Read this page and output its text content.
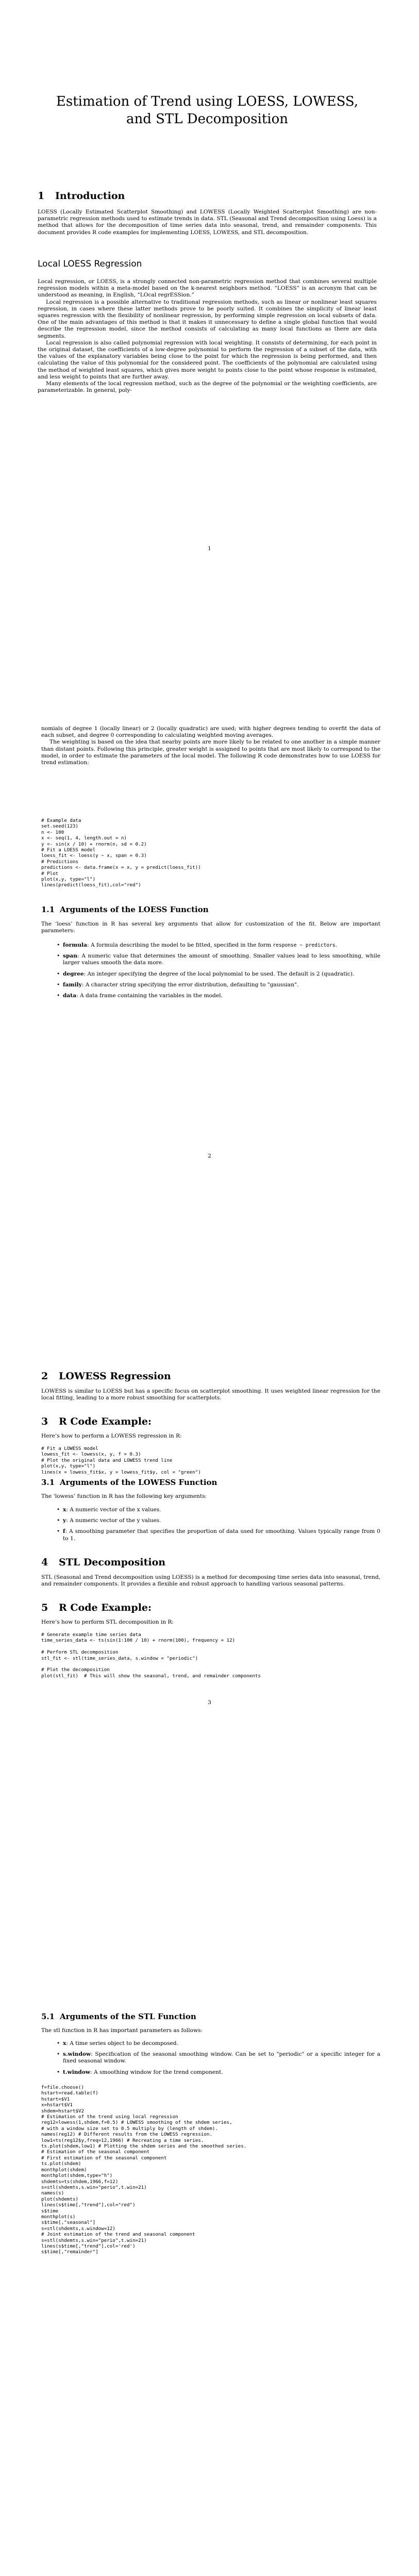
Estimation of Trend using LOESS, LOWESS,

and STL Decomposition

1 Introduction

LOESS (Locally Estimated Scatterplot Smoothing) and LOWESS (Locally Weighted Scatterplot Smoothing) are non-parametric regression methods used to estimate trends in data. STL (Seasonal and Trend decomposition using Loess) is a method that allows for the decomposition of time series data into seasonal, trend, and remainder components. This document provides R code examples for implementing LOESS, LOWESS, and STL decomposition.

Local LOESS Regression

Local regression, or LOESS, is a strongly connected non-parametric regression method that combines several multiple regression models within a meta-model based on the k-nearest neighbors method. “LOESS” is an acronym that can be understood as meaning, in English, “LOcal regrESSion.”

Local regression is a possible alternative to traditional regression methods, such as linear or nonlinear least squares regression, in cases where these latter methods prove to be poorly suited. It combines the simplicity of linear least squares regression with the flexibility of nonlinear regression, by performing simple regression on local subsets of data. One of the main advantages of this method is that it makes it unnecessary to define a single global function that would describe the regression model, since the method consists of calculating as many local functions as there are data segments.

Local regression is also called polynomial regression with local weighting. It consists of determining, for each point in the original dataset, the coefficients of a low-degree polynomial to perform the regression of a subset of the data, with the values of the explanatory variables being close to the point for which the regression is being performed, and then calculating the value of this polynomial for the considered point. The coefficients of the polynomial are calculated using the method of weighted least squares, which gives more weight to points close to the point whose response is estimated, and less weight to points that are further away.

Many elements of the local regression method, such as the degree of the polynomial or the weighting coefficients, are parameterizable. In general, poly-

1

nomials of degree 1 (locally linear) or 2 (locally quadratic) are used; with higher degrees tending to overfit the data of each subset, and degree 0 corresponding to calculating weighted moving averages.

The weighting is based on the idea that nearby points are more likely to be related to one another in a simple manner than distant points. Following this principle, greater weight is assigned to points that are most likely to correspond to the model, in order to estimate the parameters of the local model. The following R code demonstrates how to use LOESS for trend estimation:

# Example data
set.seed(123)
n <- 100
x <- seq(1, 4, length.out = n)
y <- sin(x / 10) + rnorm(n, sd = 0.2)
# Fit a LOESS model
loess_fit <- loess(y ~ x, span = 0.3)
# Predictions
predictions <- data.frame(x = x, y = predict(loess_fit))
# Plot
plot(x,y, type="l")
lines(predict(loess_fit),col="red")
1.1 Arguments of the LOESS Function

The ‘loess’ function in R has several key arguments that allow for customization of the fit. Below are important parameters:

• formula: A formula describing the model to be fitted, specified in the form response ~ predictors.
• span: A numeric value that determines the amount of smoothing. Smaller values lead to less smoothing, while larger values smooth the data more.
• degree: An integer specifying the degree of the local polynomial to be used. The default is 2 (quadratic).
• family: A character string specifying the error distribution, defaulting to "gaussian".
• data: A data frame containing the variables in the model.
2
2 LOWESS Regression

LOWESS is similar to LOESS but has a specific focus on scatterplot smoothing. It uses weighted linear regression for the local fitting, leading to a more robust smoothing for scatterplots.

3 R Code Example:

Here’s how to perform a LOWESS regression in R:

# Fit a LOWESS model
lowess_fit <- lowess(x, y, f = 0.3)
# Plot the original data and LOWESS trend line
plot(x,y, type="l")
lines(x = lowess_fit$x, y = lowess_fit$y, col = "green")
3.1 Arguments of the LOWESS Function

The ‘lowess’ function in R has the following key arguments:

• x: A numeric vector of the x values.
• y: A numeric vector of the y values.
• f: A smoothing parameter that specifies the proportion of data used for smoothing. Values typically range from 0 to 1.
4 STL Decomposition

STL (Seasonal and Trend decomposition using LOESS) is a method for decomposing time series data into seasonal, trend, and remainder components. It provides a flexible and robust approach to handling various seasonal patterns.

5 R Code Example:

Here’s how to perform STL decomposition in R:

# Generate example time series data
time_series_data <- ts(sin(1:100 / 10) + rnorm(100), frequency = 12)

# Perform STL decomposition
stl_fit <- stl(time_series_data, s.window = "periodic")

# Plot the decomposition
plot(stl_fit)  # This will show the seasonal, trend, and remainder components
3
5.1 Arguments of the STL Function

The stl function in R has important parameters as follows:

• x: A time series object to be decomposed.
• s.window: Specification of the seasonal smoothing window. Can be set to "periodic" or a specific integer for a fixed seasonal window.
• t.window: A smoothing window for the trend component.
f=file.choose()
hstart=read.table(f)
hstart=$V1
x=hstart$V1
shdem=hstart$V2
# Estimation of the trend using local regression
reg12=lowess(1,shdem,f=0.5) # LOWESS smoothing of the shdem series,
# with a window size set to 0.5 multiply by (length of shdem).
names(reg12) # Different results from the LOWESS regression.
low1=ts(reg12$y,freq=12,1966) # Recreating a time series.
ts.plot(shdem,low1) # Plotting the shdem series and the smoothed series.
# Estimation of the seasonal component
# First estimation of the seasonal component
ts.plot(shdem)
monthplot(shdem)
monthplot(shdem,type="h")
shdemts=ts(shdem,1966,f=12)
s=stl(shdemts,s.win="perio",t.win=21)
names(s)
plot(shdemts)
lines(s$time[,"trend"],col="red")
s$time
monthplot(s)
s$time[,"seasonal"]
s=stl(shdemts,s.window=12)
# Joint estimation of the trend and seasonal component
s=stl(shdemts,s.win="perio",t.win=21)
lines(s$time[,"trend"],col='red')
s$time[,"remainder"]
